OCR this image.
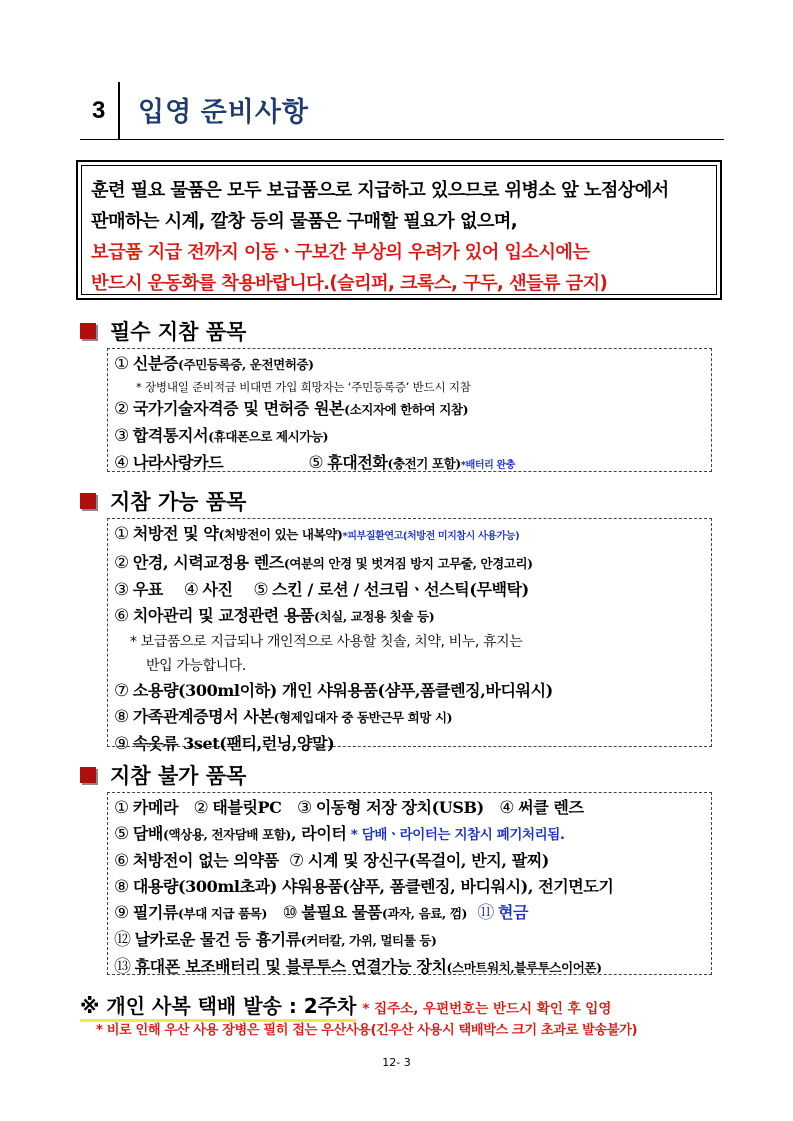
3	입영 준비사항

훈련 필요 물품은 모두 보급품으로 지급하고 있으므로 위병소 앞 노점상에서

판매하는 시계, 깔창 등의 물품은 구매할 필요가 없으며,

보급품 지급 전까지 이동ㆍ구보간 부상의 우려가 있어 입소시에는

반드시 운동화를 착용바랍니다.(슬리퍼, 크록스, 구두, 샌들류 금지)

필수 지참 품목
① 신분증(주민등록증, 운전면허증)
* 장병내일 준비적금 비대면 가입 희망자는 ‘주민등록증’ 반드시 지참
② 국가기술자격증 및 면허증 원본(소지자에 한하여 지참)
③ 합격통지서(휴대폰으로 제시가능)
④ 나라사랑카드	⑤ 휴대전화(충전기 포함)*배터리 완충
지참 가능 품목
① 처방전 및 약(처방전이 있는 내복약)*피부질환연고(처방전 미지참시 사용가능)
② 안경, 시력교정용 렌즈(여분의 안경 및 벗겨짐 방지 고무줄, 안경고리)
③ 우표 ④ 사진 ⑤ 스킨 / 로션 / 선크림ㆍ선스틱(무백탁)
⑥ 치아관리 및 교정관련 용품(치실, 교정용 칫솔 등)
* 보급품으로 지급되나 개인적으로 사용할 칫솔, 치약, 비누, 휴지는
반입 가능합니다.
⑦ 소용량(300ml이하) 개인 샤워용품(샴푸,폼클렌징,바디워시)
⑧ 가족관계증명서 사본(형제입대자 중 동반근무 희망 시)
⑨ 속옷류 3set(팬티,런닝,양말)
지참 불가 품목
① 카메라 ② 태블릿PC ③ 이동형 저장 장치(USB) ④ 써클 렌즈
⑤ 담배(액상용, 전자담배 포함), 라이터 * 담배ㆍ라이터는 지참시 폐기처리됨.
⑥ 처방전이 없는 의약품 ⑦ 시계 및 장신구(목걸이, 반지, 팔찌)
⑧ 대용량(300ml초과) 샤워용품(샴푸, 폼클렌징, 바디워시), 전기면도기
⑨ 필기류(부대 지급 품목) ⑩ 불필요 물품(과자, 음료, 껌) ⑪ 현금
⑫ 날카로운 물건 등 흉기류(커터칼, 가위, 멀티툴 등)
⑬ 휴대폰 보조배터리 및 블루투스 연결가능 장치(스마트워치,블루투스이어폰)
※ 개인 사복 택배 발송 : 2주차 * 집주소, 우편번호는 반드시 확인 후 입영
* 비로 인해 우산 사용 장병은 필히 접는 우산사용(긴우산 사용시 택배박스 크기 초과로 발송불가)
12- 3
